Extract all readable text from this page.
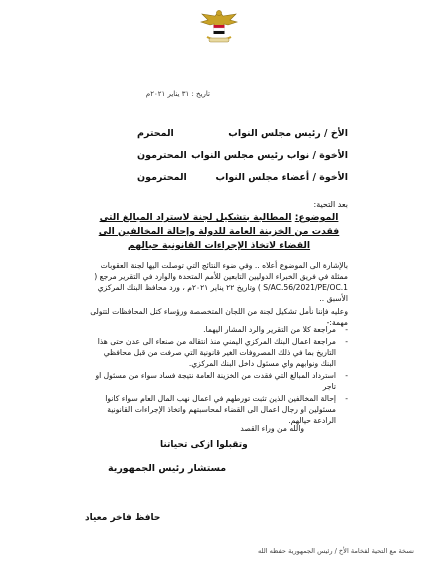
تاريخ : ٣١ يناير ٢٠٢١م
الأخ / رئيس مجلس النواب
المحترم
الأخوة / نواب رئيس مجلس النواب
المحترمون
الأخوة / أعضاء مجلس النواب
المحترمون
بعد التحية:
الموضوع: المطالبة بتشكيل لجنة لاستراد المبالغ التي فقدت من الخزينة العامة للدولة وإحالة المخالفين الى القضاء لاتخاذ الإجراءات القانونية حيالهم
بالإشارة الى الموضوع أعلاه .. وفي ضوء النتائج التي توصلت اليها لجنة العقوبات ممثلة في فريق الخبراء الدوليين التابعين للأمم المتحدة والوارد في التقرير مرجع ( S/AC.56/2021/PE/OC.1 ) وتاريخ ٢٢ يناير ٢٠٢١م ، ورد محافظ البنك المركزي الأسبق ..
وعليه فإننا نأمل تشكيل لجنة من اللجان المتخصصة ورؤساء كتل المحافظات لتتولى مهمة:-
-
مراجعة كلا من التقرير والرد المشار اليهما.
-
مراجعة اعمال البنك المركزي اليمني منذ انتقاله من صنعاء الى عدن حتى هذا التاريخ بما في ذلك المصروفات الغير قانونية التي صرفت من قبل محافظي البنك ونوابهم واي مسئول داخل البنك المركزي.
-
استرداد المبالغ التي فقدت من الخزينة العامة نتيجة فساد سواء من مسئول او تاجر
-
إحالة المخالفين الذين تثبت تورطهم في اعمال نهب المال العام سواء كانوا مسئولين او رجال اعمال الى القضاء لمحاسبتهم واتخاذ الإجراءات القانونية الرادعة حيالهم.
والله من وراء القصد
وتقبلوا ازكى تحياتنا
مستشار رئيس الجمهورية
حافظ فاخر معياد
نسخة مع التحية لفخامة الأخ / رئيس الجمهورية حفظه الله
